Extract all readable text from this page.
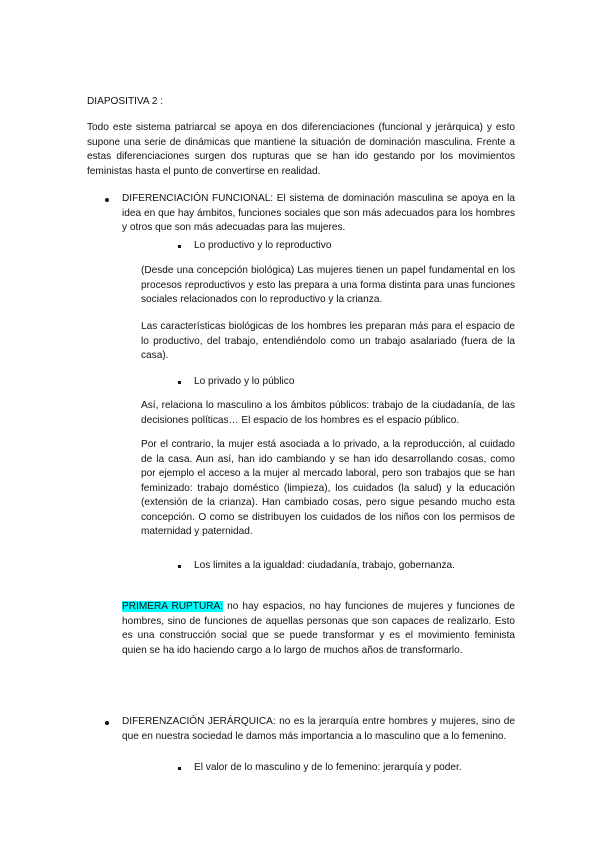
DIAPOSITIVA 2 :

Todo este sistema patriarcal se apoya en dos diferenciaciones (funcional y jerárquica) y esto supone una serie de dinámicas que mantiene la situación de dominación masculina. Frente a estas diferenciaciones surgen dos rupturas que se han ido gestando por los movimientos feministas hasta el punto de convertirse en realidad.

DIFERENCIACIÓN FUNCIONAL: El sistema de dominación masculina se apoya en la idea en que hay ámbitos, funciones sociales que son más adecuados para los hombres y otros que son más adecuadas para las mujeres.

Lo productivo y lo reproductivo

(Desde una concepción biológica) Las mujeres tienen un papel fundamental en los procesos reproductivos y esto las prepara a una forma distinta para unas funciones sociales relacionados con lo reproductivo y la crianza.

Las características biológicas de los hombres les preparan más para el espacio de lo productivo, del trabajo, entendiéndolo como un trabajo asalariado (fuera de la casa).

Lo privado y lo público

Así, relaciona lo masculino a los ámbitos públicos: trabajo de la ciudadanía, de las decisiones políticas… El espacio de los hombres es el espacio público.

Por el contrario, la mujer está asociada a lo privado, a la reproducción, al cuidado de la casa. Aun así, han ido cambiando y se han ido desarrollando cosas, como por ejemplo el acceso a la mujer al mercado laboral, pero son trabajos que se han feminizado: trabajo doméstico (limpieza), los cuidados (la salud) y la educación (extensión de la crianza). Han cambiado cosas, pero sigue pesando mucho esta concepción. O como se distribuyen los cuidados de los niños con los permisos de maternidad y paternidad.

Los limites a la igualdad: ciudadanía, trabajo, gobernanza.

PRIMERA RUPTURA: no hay espacios, no hay funciones de mujeres y funciones de hombres, sino de funciones de aquellas personas que son capaces de realizarlo. Esto es una construcción social que se puede transformar y es el movimiento feminista quien se ha ido haciendo cargo a lo largo de muchos años de transformarlo.

DIFERENZACIÓN JERÁRQUICA: no es la jerarquía entre hombres y mujeres, sino de que en nuestra sociedad le damos más importancia a lo masculino que a lo femenino.

El valor de lo masculino y de lo femenino: jerarquía y poder.
